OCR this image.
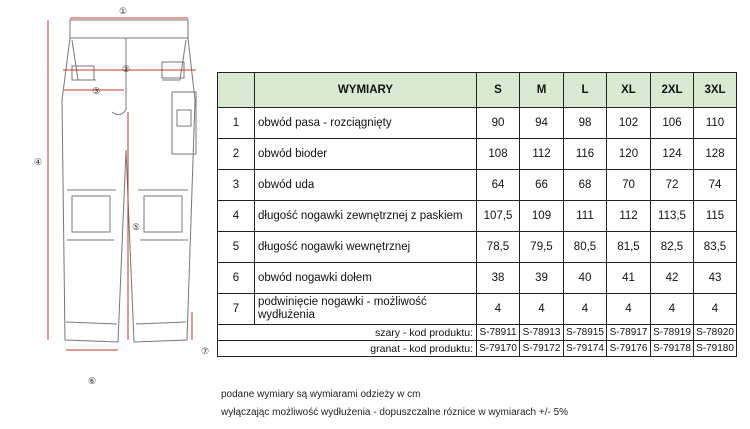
①
②
③
④
⑤
⑥
⑦
	WYMIARY	S	M	L	XL	2XL	3XL
1	obwód pasa - rozciągnięty	90	94	98	102	106	110
2	obwód bioder	108	112	116	120	124	128
3	obwód uda	64	66	68	70	72	74
4	długość nogawki zewnętrznej z paskiem	107,5	109	111	112	113,5	115
5	długość nogawki wewnętrznej	78,5	79,5	80,5	81,5	82,5	83,5
6	obwód nogawki dołem	38	39	40	41	42	43
7	podwinięcie nogawki - możliwość wydłużenia	4	4	4	4	4	4
	szary - kod produktu:	S-78911	S-78913	S-78915	S-78917	S-78919	S-78920
	granat - kod produktu:	S-79170	S-79172	S-79174	S-79176	S-79178	S-79180
podane wymiary są wymiarami odzieży w cm
wyłączając możliwość wydłużenia - dopuszczalne róznice w wymiarach +/- 5%
